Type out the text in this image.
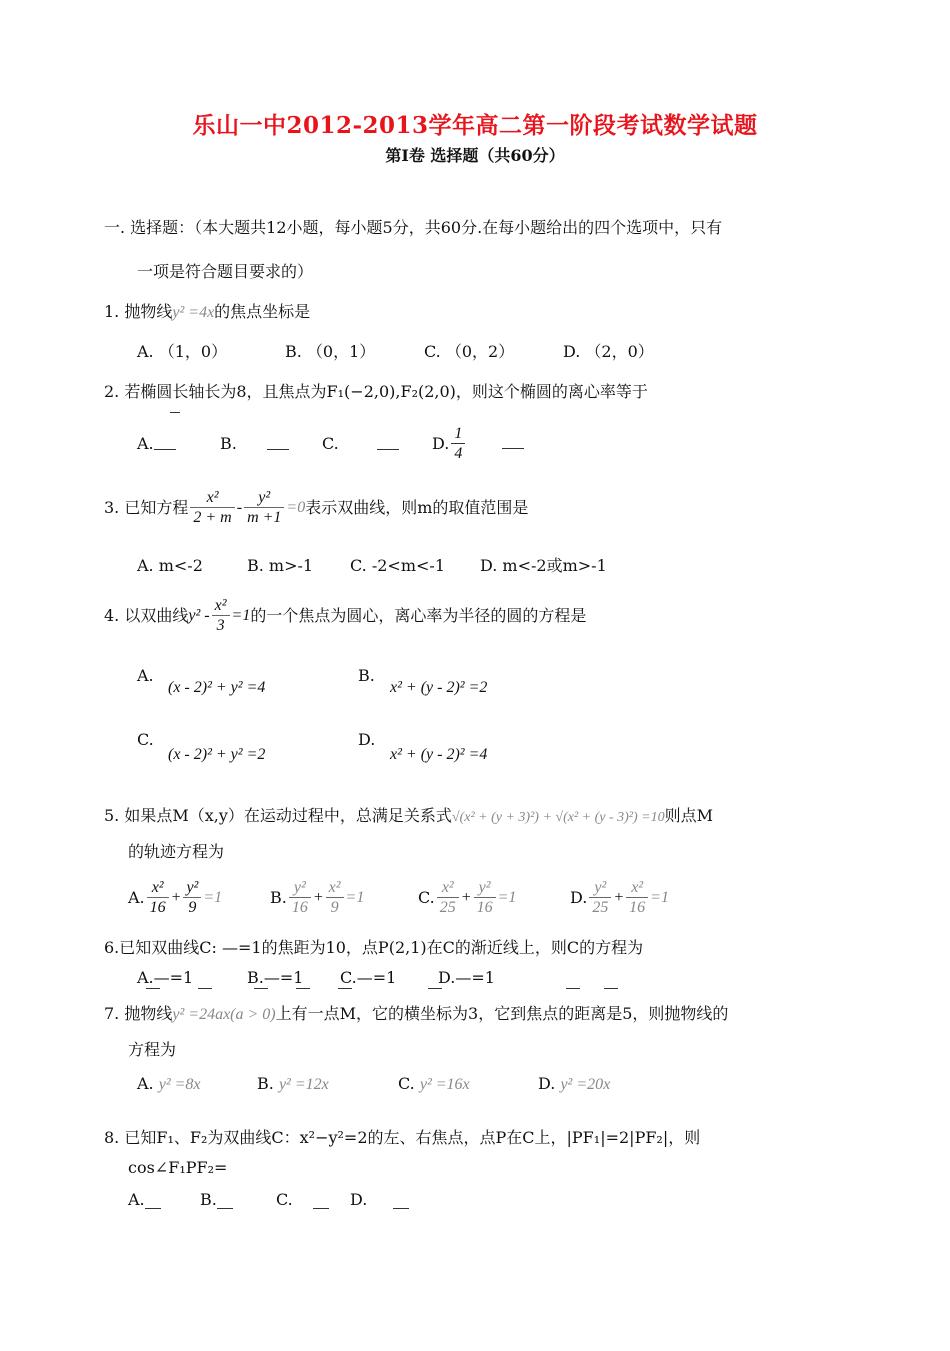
乐山一中2012-2013学年高二第一阶段考试数学试题
第Ⅰ卷 选择题（共60分）
一. 选择题：（本大题共12小题，每小题5分，共60分.在每小题给出的四个选项中，只有
一项是符合题目要求的）
1. 抛物线y² =4x的焦点坐标是
A. （1，0）	B. （0，1）	C. （0，2）	D. （2，0）
2. 若椭圆长轴长为8，且焦点为F₁(−2,0),F₂(2,0)，则这个椭圆的离心率等于
A.	B.	C.	D. $\frac{1}{4}$

3. 已知方程 $\frac{\text{x²}}{2 + m} - \frac{\text{y²}}{m +1} =0$表示双曲线，则m的取值范围是
A. m<-2	B. m>-1 C. -2<m<-1 D. m<-2或m>-1
4. 以双曲线$y^2 - \frac{\text{x²}}{3} =1$的一个焦点为圆心，离心率为半径的圆的方程是
A.
(x - 2)² + y² =4
B.
x² + (y - 2)² =2
C.
(x - 2)² + y² =2
D.
x² + (y - 2)² =4
5. 如果点M（x,y）在运动过程中，总满足关系式√(x² + (y + 3)²) + √(x² + (y - 3)²) =10则点M
的轨迹方程为
A. $\frac{\text{x²}}{16} + \frac{\text{y²}}{9} =1$	B. $\frac{\text{y²}}{16} + \frac{\text{x²}}{9} =1$	C. $\frac{\text{x²}}{25} + \frac{\text{y²}}{16} =1$	D. $\frac{\text{y²}}{25} + \frac{\text{x²}}{16} =1$
6.已知双曲线C: —=1的焦距为10，点P(2,1)在C的渐近线上，则C的方程为
A.—=1	B.—=1 C.—=1	D.—=1
7. 抛物线y² =24ax(a > 0)上有一点M，它的横坐标为3，它到焦点的距离是5，则抛物线的
方程为
A. y² =8x	B. y² =12x	C. y² =16x	D. y² =20x
8. 已知F₁、F₂为双曲线C：x²−y²=2的左、右焦点，点P在C上，|PF₁|=2|PF₂|，则
cos∠F₁PF₂=
A.	B.	C.	D.
